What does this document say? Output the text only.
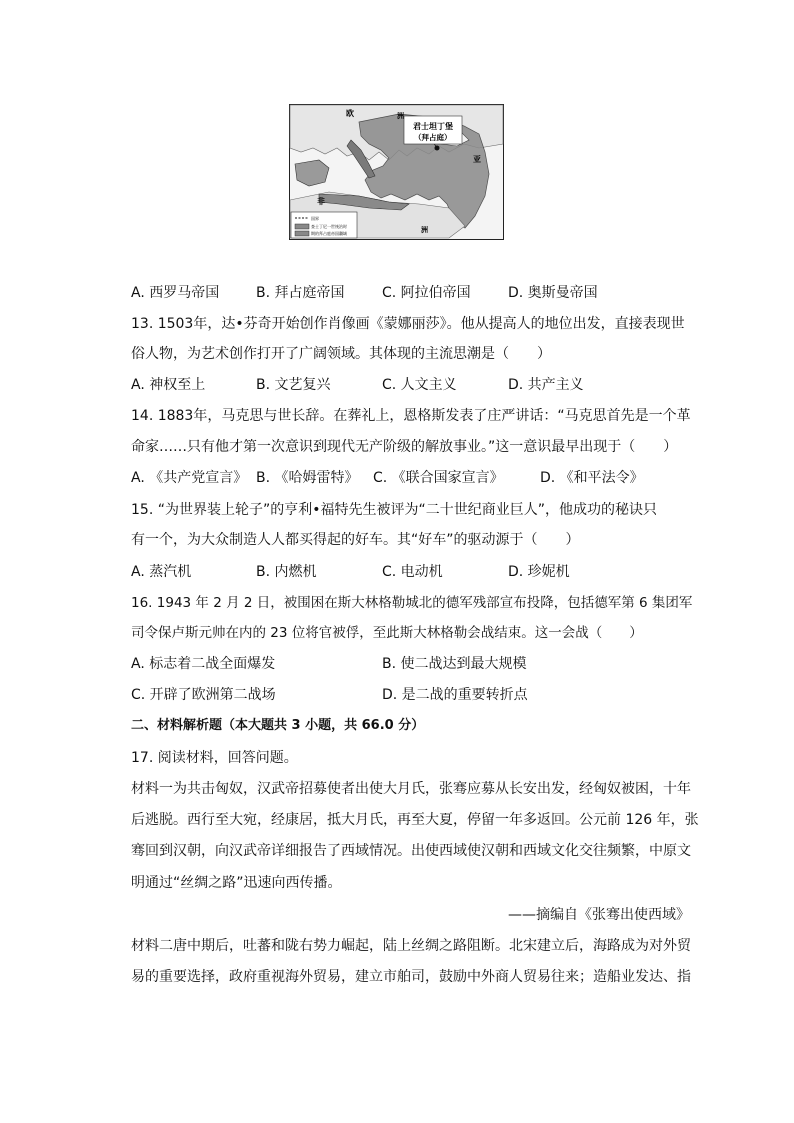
欧	洲
君士坦丁堡
（拜占庭）
亚
非
洲
国界
查士丁尼一世统治时
期的拜占庭帝国疆域
A. 西罗马帝国	B. 拜占庭帝国	C. 阿拉伯帝国	D. 奥斯曼帝国
13. 1503年，达•芬奇开始创作肖像画《蒙娜丽莎》。他从提高人的地位出发，直接表现世
俗人物，为艺术创作打开了广阔领域。其体现的主流思潮是（　　）
A. 神权至上	B. 文艺复兴	C. 人文主义	D. 共产主义
14. 1883年，马克思与世长辞。在葬礼上，恩格斯发表了庄严讲话：“马克思首先是一个革
命家……只有他才第一次意识到现代无产阶级的解放事业。”这一意识最早出现于（　　）
A. 《共产党宣言》 B. 《哈姆雷特》 C. 《联合国家宣言》	D. 《和平法令》
15. “为世界装上轮子”的亨利•福特先生被评为“二十世纪商业巨人”，他成功的秘诀只
有一个，为大众制造人人都买得起的好车。其“好车”的驱动源于（　　）
A. 蒸汽机	B. 内燃机	C. 电动机	D. 珍妮机
16. 1943 年 2 月 2 日，被围困在斯大林格勒城北的德军残部宣布投降，包括德军第 6 集团军
司令保卢斯元帅在内的 23 位将官被俘，至此斯大林格勒会战结束。这一会战（　　）
A. 标志着二战全面爆发	B. 使二战达到最大规模
C. 开辟了欧洲第二战场	D. 是二战的重要转折点
二、材料解析题（本大题共 3 小题，共 66.0 分）
17. 阅读材料，回答问题。
材料一为共击匈奴，汉武帝招募使者出使大月氏，张骞应募从长安出发，经匈奴被困，十年
后逃脱。西行至大宛，经康居，抵大月氏，再至大夏，停留一年多返回。公元前 126 年，张
骞回到汉朝，向汉武帝详细报告了西域情况。出使西域使汉朝和西域文化交往频繁，中原文
明通过“丝绸之路”迅速向西传播。
——摘编自《张骞出使西域》
材料二唐中期后，吐蕃和陇右势力崛起，陆上丝绸之路阻断。北宋建立后，海路成为对外贸
易的重要选择，政府重视海外贸易，建立市舶司，鼓励中外商人贸易往来；造船业发达、指
